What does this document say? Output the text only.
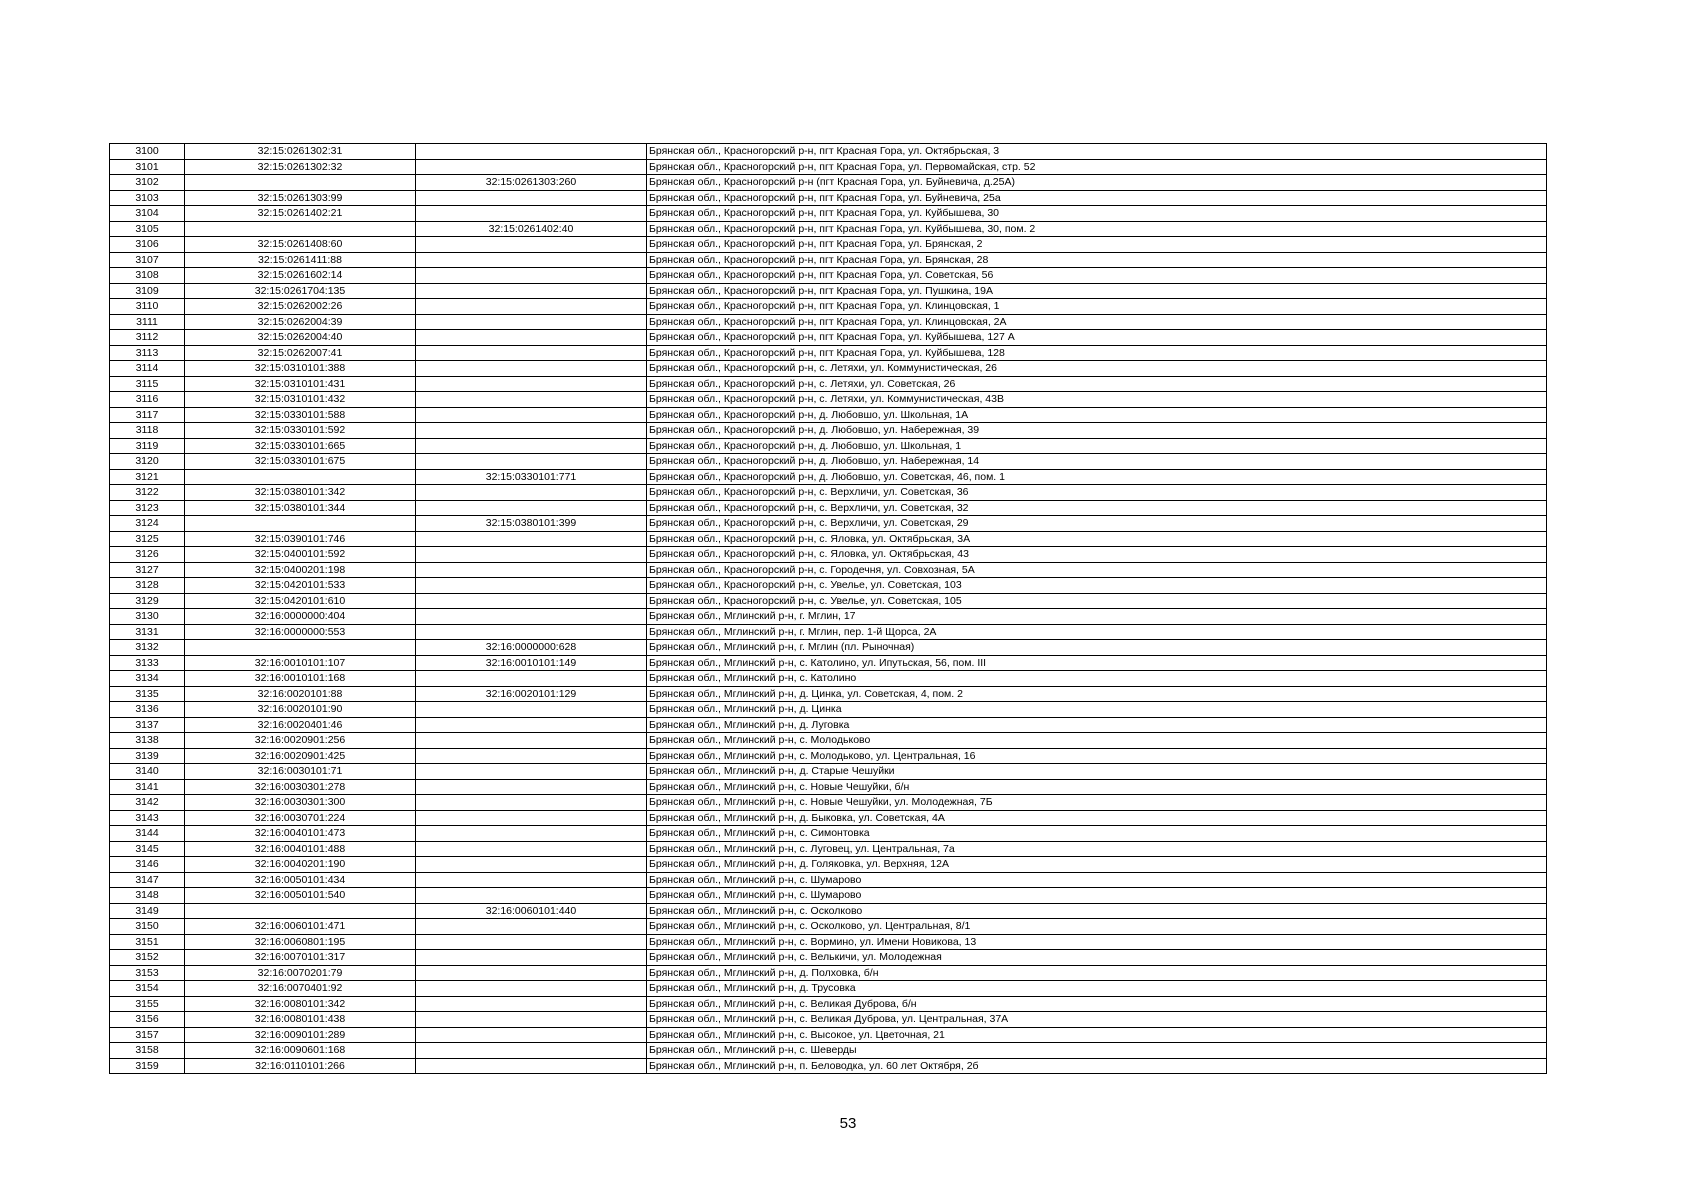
3100	32:15:0261302:31		Брянская обл., Красногорский р-н, пгт Красная Гора, ул. Октябрьская, 3
3101	32:15:0261302:32		Брянская обл., Красногорский р-н, пгт Красная Гора, ул. Первомайская, стр. 52
3102		32:15:0261303:260	Брянская обл., Красногорский р-н (пгт Красная Гора, ул. Буйневича, д.25А)
3103	32:15:0261303:99		Брянская обл., Красногорский р-н, пгт Красная Гора, ул. Буйневича, 25а
3104	32:15:0261402:21		Брянская обл., Красногорский р-н, пгт Красная Гора, ул. Куйбышева, 30
3105		32:15:0261402:40	Брянская обл., Красногорский р-н, пгт Красная Гора, ул. Куйбышева, 30, пом. 2
3106	32:15:0261408:60		Брянская обл., Красногорский р-н, пгт Красная Гора, ул. Брянская, 2
3107	32:15:0261411:88		Брянская обл., Красногорский р-н, пгт Красная Гора, ул. Брянская, 28
3108	32:15:0261602:14		Брянская обл., Красногорский р-н, пгт Красная Гора, ул. Советская, 56
3109	32:15:0261704:135		Брянская обл., Красногорский р-н, пгт Красная Гора, ул. Пушкина, 19А
3110	32:15:0262002:26		Брянская обл., Красногорский р-н, пгт Красная Гора, ул. Клинцовская, 1
3111	32:15:0262004:39		Брянская обл., Красногорский р-н, пгт Красная Гора, ул. Клинцовская, 2А
3112	32:15:0262004:40		Брянская обл., Красногорский р-н, пгт Красная Гора, ул. Куйбышева, 127 А
3113	32:15:0262007:41		Брянская обл., Красногорский р-н, пгт Красная Гора, ул. Куйбышева, 128
3114	32:15:0310101:388		Брянская обл., Красногорский р-н, с. Летяхи, ул. Коммунистическая, 26
3115	32:15:0310101:431		Брянская обл., Красногорский р-н, с. Летяхи, ул. Советская, 26
3116	32:15:0310101:432		Брянская обл., Красногорский р-н, с. Летяхи, ул. Коммунистическая, 43В
3117	32:15:0330101:588		Брянская обл., Красногорский р-н, д. Любовшо, ул. Школьная, 1А
3118	32:15:0330101:592		Брянская обл., Красногорский р-н, д. Любовшо, ул. Набережная, 39
3119	32:15:0330101:665		Брянская обл., Красногорский р-н, д. Любовшо, ул. Школьная, 1
3120	32:15:0330101:675		Брянская обл., Красногорский р-н, д. Любовшо, ул. Набережная, 14
3121		32:15:0330101:771	Брянская обл., Красногорский р-н, д. Любовшо, ул. Советская, 46, пом. 1
3122	32:15:0380101:342		Брянская обл., Красногорский р-н, с. Верхличи, ул. Советская, 36
3123	32:15:0380101:344		Брянская обл., Красногорский р-н, с. Верхличи, ул. Советская, 32
3124		32:15:0380101:399	Брянская обл., Красногорский р-н, с. Верхличи, ул. Советская, 29
3125	32:15:0390101:746		Брянская обл., Красногорский р-н, с. Яловка, ул. Октябрьская, 3А
3126	32:15:0400101:592		Брянская обл., Красногорский р-н, с. Яловка, ул. Октябрьская, 43
3127	32:15:0400201:198		Брянская обл., Красногорский р-н, с. Городечня, ул. Совхозная, 5А
3128	32:15:0420101:533		Брянская обл., Красногорский р-н, с. Увелье, ул. Советская, 103
3129	32:15:0420101:610		Брянская обл., Красногорский р-н, с. Увелье, ул. Советская, 105
3130	32:16:0000000:404		Брянская обл., Мглинский р-н, г. Мглин, 17
3131	32:16:0000000:553		Брянская обл., Мглинский р-н, г. Мглин, пер. 1-й Щорса, 2А
3132		32:16:0000000:628	Брянская обл., Мглинский р-н, г. Мглин (пл. Рыночная)
3133	32:16:0010101:107	32:16:0010101:149	Брянская обл., Мглинский р-н, с. Католино, ул. Ипутьская, 56, пом. III
3134	32:16:0010101:168		Брянская обл., Мглинский р-н, с. Католино
3135	32:16:0020101:88	32:16:0020101:129	Брянская обл., Мглинский р-н, д. Цинка, ул. Советская, 4, пом. 2
3136	32:16:0020101:90		Брянская обл., Мглинский р-н, д. Цинка
3137	32:16:0020401:46		Брянская обл., Мглинский р-н, д. Луговка
3138	32:16:0020901:256		Брянская обл., Мглинский р-н, с. Молодьково
3139	32:16:0020901:425		Брянская обл., Мглинский р-н, с. Молодьково, ул. Центральная, 16
3140	32:16:0030101:71		Брянская обл., Мглинский р-н, д. Старые Чешуйки
3141	32:16:0030301:278		Брянская обл., Мглинский р-н, с. Новые Чешуйки, б/н
3142	32:16:0030301:300		Брянская обл., Мглинский р-н, с. Новые Чешуйки, ул. Молодежная, 7Б
3143	32:16:0030701:224		Брянская обл., Мглинский р-н, д. Быковка, ул. Советская, 4А
3144	32:16:0040101:473		Брянская обл., Мглинский р-н, с. Симонтовка
3145	32:16:0040101:488		Брянская обл., Мглинский р-н, с. Луговец, ул. Центральная, 7а
3146	32:16:0040201:190		Брянская обл., Мглинский р-н, д. Голяковка, ул. Верхняя, 12А
3147	32:16:0050101:434		Брянская обл., Мглинский р-н, с. Шумарово
3148	32:16:0050101:540		Брянская обл., Мглинский р-н, с. Шумарово
3149		32:16:0060101:440	Брянская обл., Мглинский р-н, с. Осколково
3150	32:16:0060101:471		Брянская обл., Мглинский р-н, с. Осколково, ул. Центральная, 8/1
3151	32:16:0060801:195		Брянская обл., Мглинский р-н, с. Вормино, ул. Имени Новикова, 13
3152	32:16:0070101:317		Брянская обл., Мглинский р-н, с. Велькичи, ул. Молодежная
3153	32:16:0070201:79		Брянская обл., Мглинский р-н, д. Полховка, б/н
3154	32:16:0070401:92		Брянская обл., Мглинский р-н, д. Трусовка
3155	32:16:0080101:342		Брянская обл., Мглинский р-н, с. Великая Дуброва, б/н
3156	32:16:0080101:438		Брянская обл., Мглинский р-н, с. Великая Дуброва, ул. Центральная, 37А
3157	32:16:0090101:289		Брянская обл., Мглинский р-н, с. Высокое, ул. Цветочная, 21
3158	32:16:0090601:168		Брянская обл., Мглинский р-н, с. Шеверды
3159	32:16:0110101:266		Брянская обл., Мглинский р-н, п. Беловодка, ул. 60 лет Октября, 2б
53
